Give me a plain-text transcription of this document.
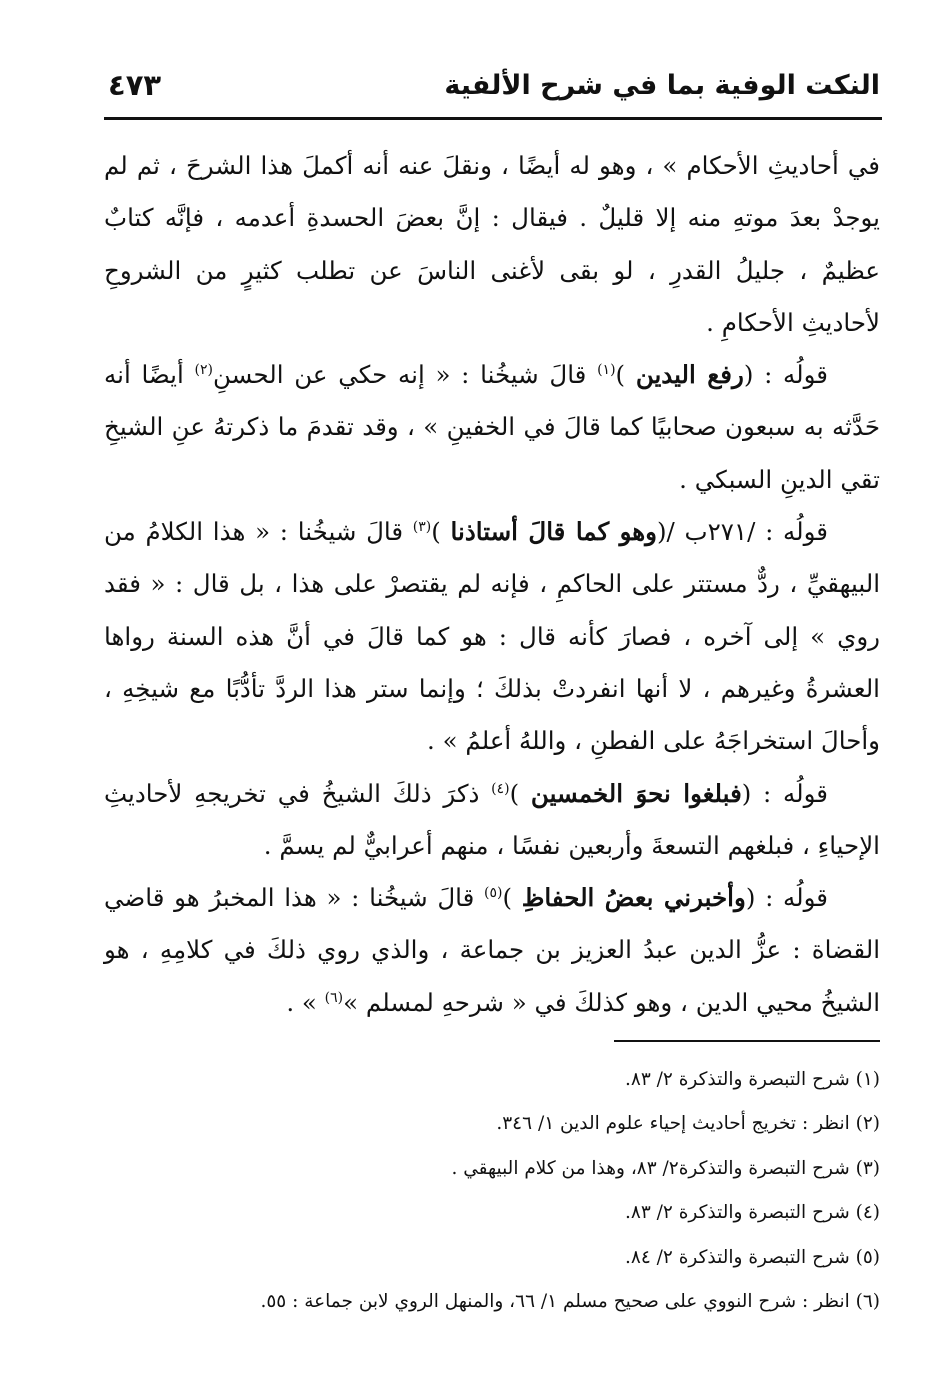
النكت الوفية بما في شرح الألفية
٤٧٣

في أحاديثِ الأحكام » ، وهو له أيضًا ، ونقلَ عنه أنه أكملَ هذا الشرحَ ، ثم لم يوجدْ بعدَ موتهِ منه إلا قليلٌ . فيقال : إنَّ بعضَ الحسدةِ أعدمه ، فإنَّه كتابٌ عظيمٌ ، جليلُ القدرِ ، لو بقى لأغنى الناسَ عن تطلب كثيرٍ من الشروحِ لأحاديثِ الأحكامِ .

قولُه : (رفع اليدين )$^{(١)}$ قالَ شيخُنا : « إنه حكي عن الحسنِ$^{(٢)}$ أيضًا أنه حَدَّثه به سبعون صحابيًا كما قالَ في الخفينِ » ، وقد تقدمَ ما ذكرتهُ عنِ الشيخِ تقي الدينِ السبكي .

قولُه : /٢٧١ب /(وهو كما قالَ أستاذنا )$^{(٣)}$ قالَ شيخُنا : « هذا الكلامُ من البيهقيِّ ، ردٌّ مستتر على الحاكمِ ، فإنه لم يقتصرْ على هذا ، بل قال : « فقد روي » إلى آخره ، فصارَ كأنه قال : هو كما قالَ في أنَّ هذه السنة رواها العشرةُ وغيرهم ، لا أنها انفردتْ بذلكَ ؛ وإنما ستر هذا الردَّ تأدُّبًا مع شيخِهِ ، وأحالَ استخراجَهُ على الفطنِ ، واللهُ أعلمُ » .

قولُه : (فبلغوا نحوَ الخمسين )$^{(٤)}$ ذكرَ ذلكَ الشيخُ في تخريجهِ لأحاديثِ الإحياءِ ، فبلغهم التسعةَ وأربعين نفسًا ، منهم أعرابيٌّ لم يسمَّ .

قولُه : (وأخبرني بعضُ الحفاظِ )$^{(٥)}$ قالَ شيخُنا : « هذا المخبرُ هو قاضي القضاة : عزُّ الدين عبدُ العزيز بن جماعة ، والذي روي ذلكَ في كلامِهِ ، هو الشيخُ محيي الدين ، وهو كذلكَ في « شرحهِ لمسلم »$^{(٦)}$ » .

(١) شرح التبصرة والتذكرة ٢/ ٨٣.

(٢) انظر : تخريج أحاديث إحياء علوم الدين ١/ ٣٤٦.

(٣) شرح التبصرة والتذكرة٢/ ٨٣، وهذا من كلام البيهقي .

(٤) شرح التبصرة والتذكرة ٢/ ٨٣.

(٥) شرح التبصرة والتذكرة ٢/ ٨٤.

(٦) انظر : شرح النووي على صحيح مسلم ١/ ٦٦، والمنهل الروي لابن جماعة : ٥٥.
